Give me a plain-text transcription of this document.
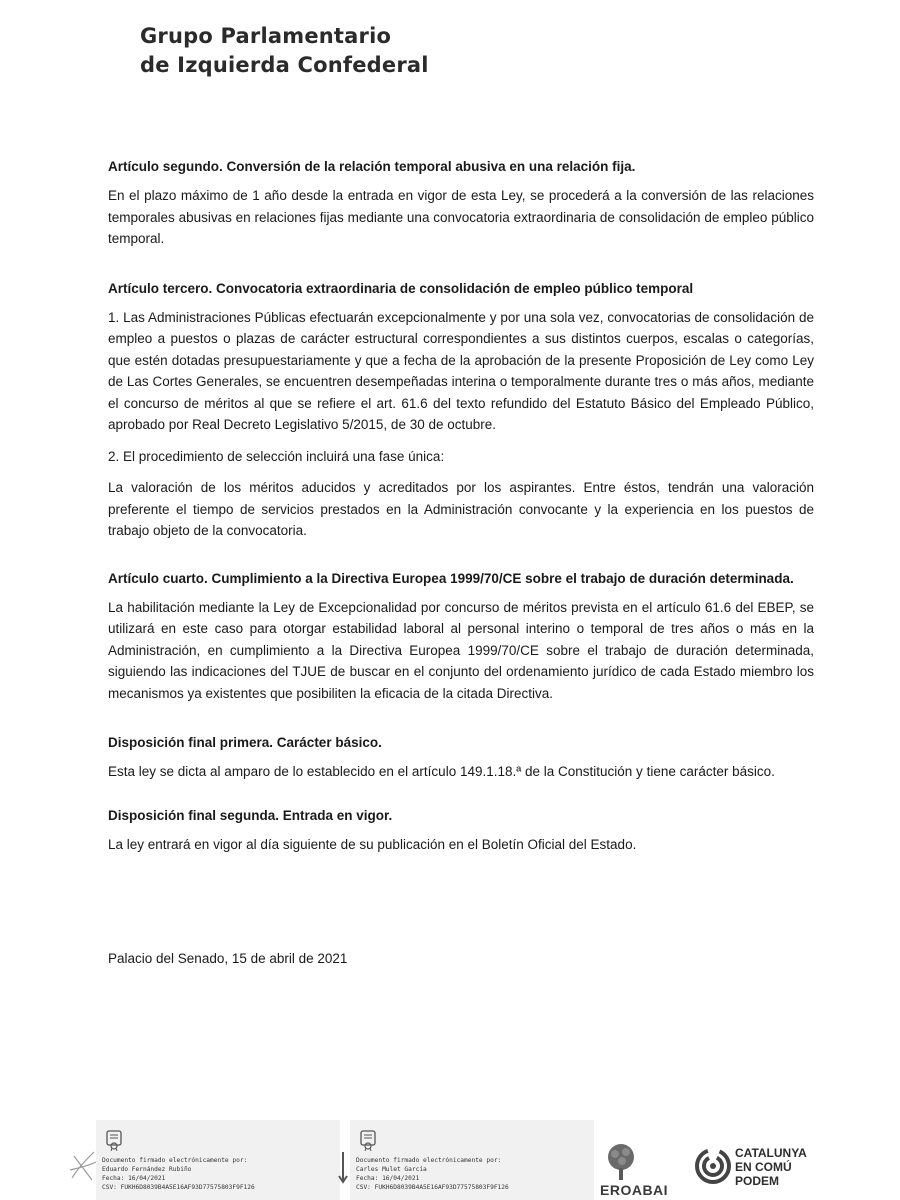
Grupo Parlamentario
de Izquierda Confederal
Artículo segundo. Conversión de la relación temporal abusiva en una relación fija.

En el plazo máximo de 1 año desde la entrada en vigor de esta Ley, se procederá a la conversión de las relaciones temporales abusivas en relaciones fijas mediante una convocatoria extraordinaria de consolidación de empleo público temporal.

Artículo tercero. Convocatoria extraordinaria de consolidación de empleo público temporal

1. Las Administraciones Públicas efectuarán excepcionalmente y por una sola vez, convocatorias de consolidación de empleo a puestos o plazas de carácter estructural correspondientes a sus distintos cuerpos, escalas o categorías, que estén dotadas presupuestariamente y que a fecha de la aprobación de la presente Proposición de Ley como Ley de Las Cortes Generales, se encuentren desempeñadas interina o temporalmente durante tres o más años, mediante el concurso de méritos al que se refiere el art. 61.6 del texto refundido del Estatuto Básico del Empleado Público, aprobado por Real Decreto Legislativo 5/2015, de 30 de octubre.

2. El procedimiento de selección incluirá una fase única:

La valoración de los méritos aducidos y acreditados por los aspirantes. Entre éstos, tendrán una valoración preferente el tiempo de servicios prestados en la Administración convocante y la experiencia en los puestos de trabajo objeto de la convocatoria.

Artículo cuarto. Cumplimiento a la Directiva Europea 1999/70/CE sobre el trabajo de duración determinada.

La habilitación mediante la Ley de Excepcionalidad por concurso de méritos prevista en el artículo 61.6 del EBEP, se utilizará en este caso para otorgar estabilidad laboral al personal interino o temporal de tres años o más en la Administración, en cumplimiento a la Directiva Europea 1999/70/CE sobre el trabajo de duración determinada, siguiendo las indicaciones del TJUE de buscar en el conjunto del ordenamiento jurídico de cada Estado miembro los mecanismos ya existentes que posibiliten la eficacia de la citada Directiva.

Disposición final primera. Carácter básico.

Esta ley se dicta al amparo de lo establecido en el artículo 149.1.18.ª de la Constitución y tiene carácter básico.

Disposición final segunda. Entrada en vigor.

La ley entrará en vigor al día siguiente de su publicación en el Boletín Oficial del Estado.

Palacio del Senado, 15 de abril de 2021
Documento firmado electrónicamente por:
Eduardo Fernández Rubiño
Fecha: 16/04/2021
CSV: FUKH6D8039B4A5E16AF93D77575803F9F126
Documento firmado electrónicamente por:
Carles Mulet García
Fecha: 16/04/2021
CSV: FUKH6D8039B4A5E16AF93D77575803F9F126	EROABAI
CATALUNYA
EN COMÚ
PODEM
